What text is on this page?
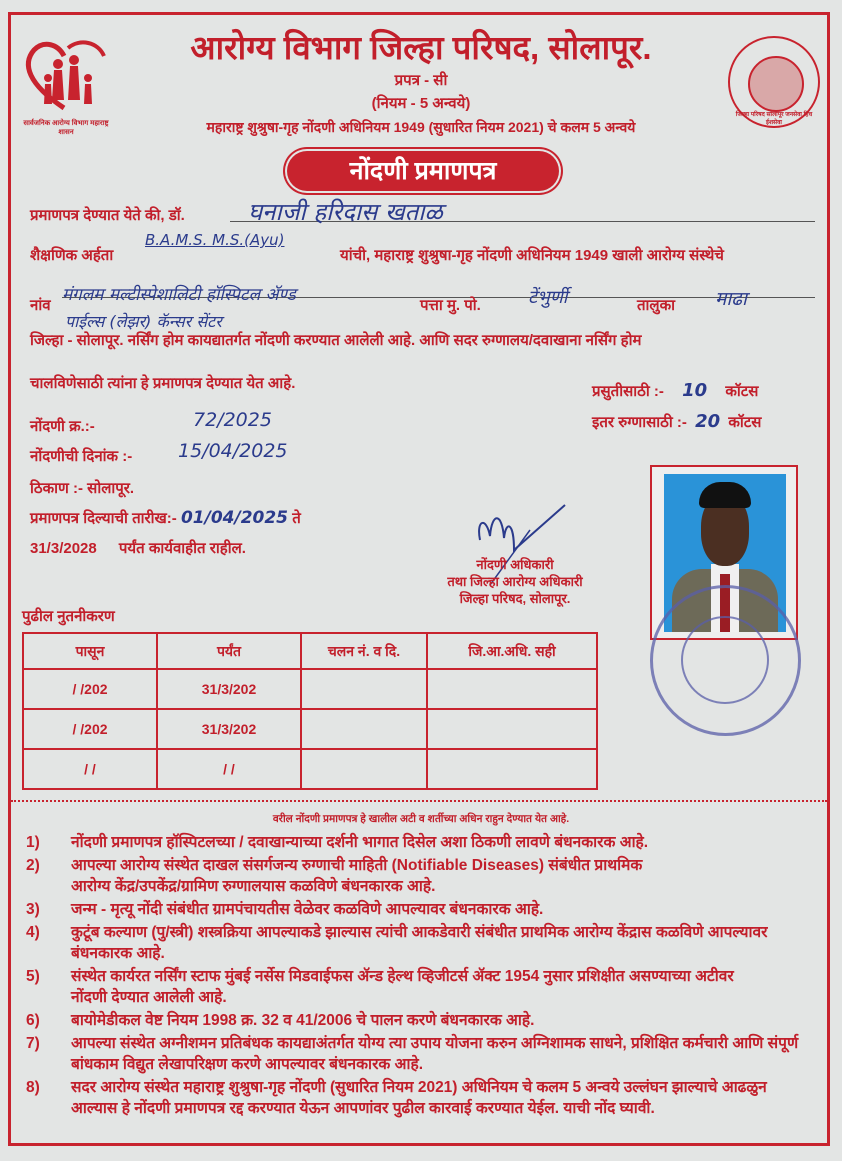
सार्वजनिक आरोग्य विभाग महाराष्ट्र शासन
जिल्हा परिषद सोलापूर जनसेवा हिच ईशसेवा
आरोग्य विभाग जिल्हा परिषद, सोलापूर.
प्रपत्र - सी
(नियम - 5 अन्वये)
महाराष्ट्र शुश्रुषा-गृह नोंदणी अधिनियम 1949 (सुधारित नियम 2021) चे कलम 5 अन्वये
नोंदणी प्रमाणपत्र
प्रमाणपत्र देण्यात येते की, डॉ.	घनाजी हरिदास खताळ
शैक्षणिक अर्हता
B.A.M.S. M.S.(Ayu)
यांची, महाराष्ट्र शुश्रुषा-गृह नोंदणी अधिनियम 1949 खाली आरोग्य संस्थेचे
नांव
मंगलम मल्टीस्पेशालिटी हॉस्पिटल ॲण्ड
पत्ता मु. पो.	टेंभुर्णी	तालुका माढा
पाईल्स (लेझर) कॅन्सर सेंटर
जिल्हा - सोलापूर. नर्सिंग होम कायद्यातर्गत नोंदणी करण्यात आलेली आहे. आणि सदर रुग्णालय/दवाखाना नर्सिंग होम
चालविणेसाठी त्यांना हे प्रमाणपत्र देण्यात येत आहे.	प्रसुतीसाठी :- 10 कॉटस
इतर रुग्णासाठी :- 20 कॉटस
नोंदणी क्र.:-	72/2025
नोंदणीची दिनांक :- 15/04/2025
ठिकाण :- सोलापूर.
प्रमाणपत्र दिल्याची तारीख:- 01/04/2025 ते
31/3/2028 पर्यंत कार्यवाहीत राहील.
नोंदणी अधिकारी
तथा जिल्हा आरोग्य अधिकारी
जिल्हा परिषद, सोलापूर.
पुढील नुतनीकरण
पासून	पर्यंत	चलन नं. व दि.	जि.आ.अधि. सही
/ /202	31/3/202		
/ /202	31/3/202		
/ /	/ /		
वरील नोंदणी प्रमाणपत्र हे खालील अटी व शर्तीच्या अधिन राहुन देण्यात येत आहे.
1)	नोंदणी प्रमाणपत्र हॉस्पिटलच्या / दवाखान्याच्या दर्शनी भागात दिसेल अशा ठिकणी लावणे बंधनकारक आहे.
2)	आपल्या आरोग्य संस्थेत दाखल संसर्गजन्य रुग्णाची माहिती (Notifiable Diseases) संबंधीत प्राथमिक आरोग्य केंद्र/उपकेंद्र/ग्रामिण रुग्णालयास कळविणे बंधनकारक आहे.
3)	जन्म - मृत्यू नोंदी संबंधीत ग्रामपंचायतीस वेळेवर कळविणे आपल्यावर बंधनकारक आहे.
4)	कुटूंब कल्याण (पु/स्त्री) शस्त्रक्रिया आपल्याकडे झाल्यास त्यांची आकडेवारी संबंधीत प्राथमिक आरोग्य केंद्रास कळविणे आपल्यावर बंधनकारक आहे.
5)	संस्थेत कार्यरत नर्सिंग स्टाफ मुंबई नर्सेस मिडवाईफस ॲन्ड हेल्थ व्हिजीटर्स ॲक्ट 1954 नुसार प्रशिक्षीत असण्याच्या अटीवर नोंदणी देण्यात आलेली आहे.
6)	बायोमेडीकल वेष्ट नियम 1998 क्र. 32 व 41/2006 चे पालन करणे बंधनकारक आहे.
7)	आपल्या संस्थेत अग्नीशमन प्रतिबंधक कायद्याअंतर्गत योग्य त्या उपाय योजना करुन अग्निशामक साधने, प्रशिक्षित कर्मचारी आणि संपूर्ण बांधकाम विद्युत लेखापरिक्षण करणे आपल्यावर बंधनकारक आहे.
8)	सदर आरोग्य संस्थेत महाराष्ट्र शुश्रुषा-गृह नोंदणी (सुधारित नियम 2021) अधिनियम चे कलम 5 अन्वये उल्लंघन झाल्याचे आढळुन आल्यास हे नोंदणी प्रमाणपत्र रद्द करण्यात येऊन आपणांवर पुढील कारवाई करण्यात येईल. याची नोंद घ्यावी.
